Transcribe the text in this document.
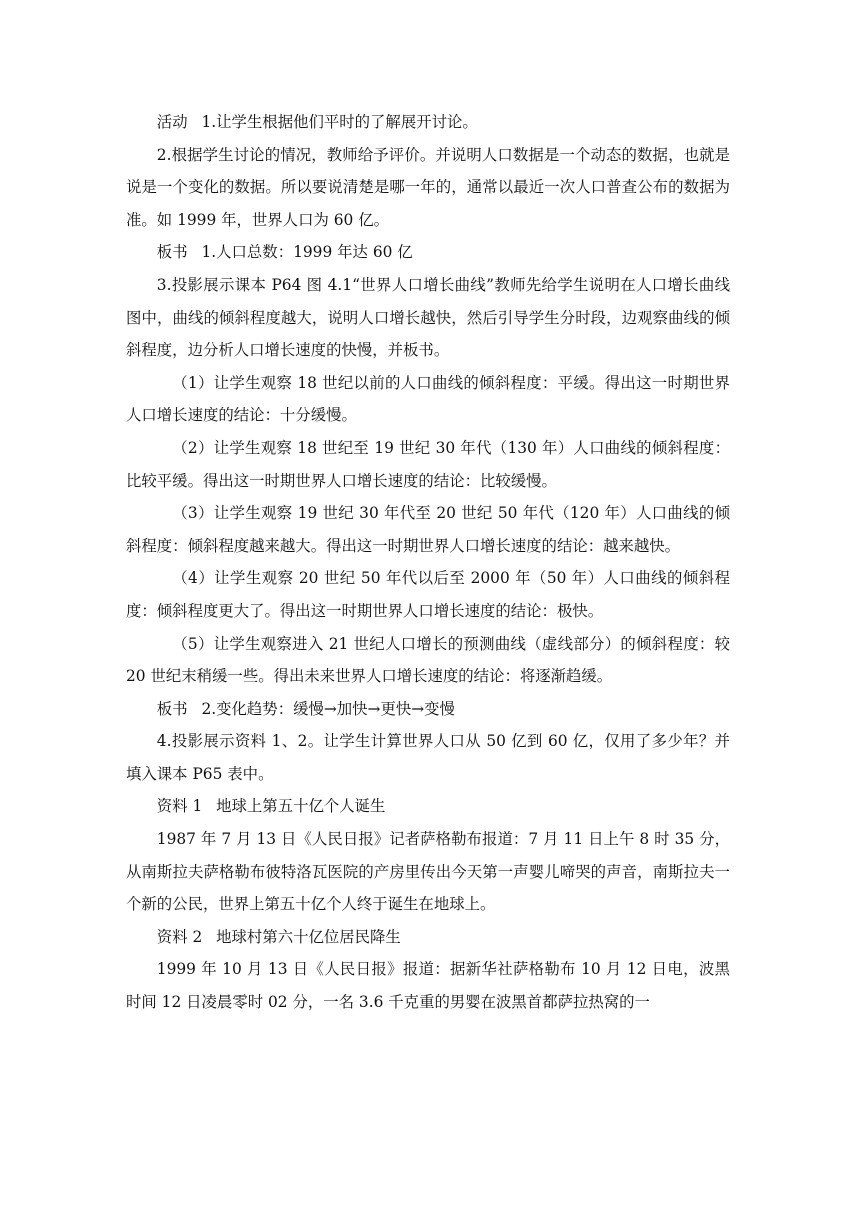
活动 1.让学生根据他们平时的了解展开讨论。

2.根据学生讨论的情况，教师给予评价。并说明人口数据是一个动态的数据，也就是说是一个变化的数据。所以要说清楚是哪一年的，通常以最近一次人口普查公布的数据为准。如 1999 年，世界人口为 60 亿。

板书 1.人口总数：1999 年达 60 亿

3.投影展示课本 P64 图 4.1“世界人口增长曲线”教师先给学生说明在人口增长曲线图中，曲线的倾斜程度越大，说明人口增长越快，然后引导学生分时段，边观察曲线的倾斜程度，边分析人口增长速度的快慢，并板书。

（1）让学生观察 18 世纪以前的人口曲线的倾斜程度：平缓。得出这一时期世界人口增长速度的结论：十分缓慢。

（2）让学生观察 18 世纪至 19 世纪 30 年代（130 年）人口曲线的倾斜程度：比较平缓。得出这一时期世界人口增长速度的结论：比较缓慢。

（3）让学生观察 19 世纪 30 年代至 20 世纪 50 年代（120 年）人口曲线的倾斜程度：倾斜程度越来越大。得出这一时期世界人口增长速度的结论：越来越快。

（4）让学生观察 20 世纪 50 年代以后至 2000 年（50 年）人口曲线的倾斜程度：倾斜程度更大了。得出这一时期世界人口增长速度的结论：极快。

（5）让学生观察进入 21 世纪人口增长的预测曲线（虚线部分）的倾斜程度：较 20 世纪末稍缓一些。得出未来世界人口增长速度的结论：将逐渐趋缓。

板书 2.变化趋势：缓慢→加快→更快→变慢

4.投影展示资料 1、2。让学生计算世界人口从 50 亿到 60 亿，仅用了多少年？并填入课本 P65 表中。

资料 1 地球上第五十亿个人诞生

1987 年 7 月 13 日《人民日报》记者萨格勒布报道：7 月 11 日上午 8 时 35 分，从南斯拉夫萨格勒布彼特洛瓦医院的产房里传出今天第一声婴儿啼哭的声音，南斯拉夫一个新的公民，世界上第五十亿个人终于诞生在地球上。

资料 2 地球村第六十亿位居民降生

1999 年 10 月 13 日《人民日报》报道：据新华社萨格勒布 10 月 12 日电，波黑时间 12 日凌晨零时 02 分，一名 3.6 千克重的男婴在波黑首都萨拉热窝的一
